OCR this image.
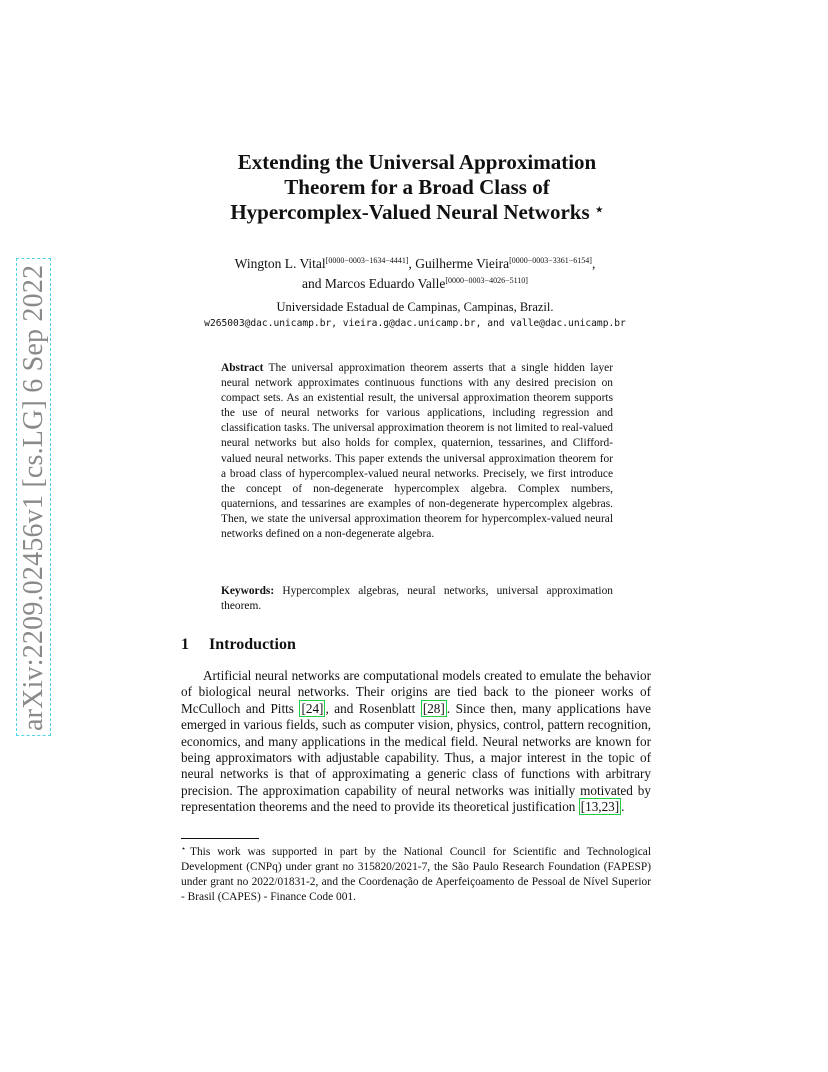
arXiv:2209.02456v1 [cs.LG] 6 Sep 2022
Extending the Universal Approximation
Theorem for a Broad Class of
Hypercomplex-Valued Neural Networks ⋆
Wington L. Vital[0000−0003−1634−4441], Guilherme Vieira[0000−0003−3361−6154],
and Marcos Eduardo Valle[0000−0003−4026−5110]
Universidade Estadual de Campinas, Campinas, Brazil.
w265003@dac.unicamp.br, vieira.g@dac.unicamp.br, and valle@dac.unicamp.br
Abstract The universal approximation theorem asserts that a single hidden layer neural network approximates continuous functions with any desired precision on compact sets. As an existential result, the universal approximation theorem supports the use of neural networks for various applications, including regression and classification tasks. The universal approximation theorem is not limited to real-valued neural networks but also holds for complex, quaternion, tessarines, and Clifford-valued neural networks. This paper extends the universal approximation theorem for a broad class of hypercomplex-valued neural networks. Precisely, we first introduce the concept of non-degenerate hypercomplex algebra. Complex numbers, quaternions, and tessarines are examples of non-degenerate hypercomplex algebras. Then, we state the universal approximation theorem for hypercomplex-valued neural networks defined on a non-degenerate algebra.
Keywords: Hypercomplex algebras, neural networks, universal approximation theorem.
1 Introduction
Artificial neural networks are computational models created to emulate the behavior of biological neural networks. Their origins are tied back to the pioneer works of McCulloch and Pitts [24] , and Rosenblatt [28] . Since then, many applications have emerged in various fields, such as computer vision, physics, control, pattern recognition, economics, and many applications in the medical field. Neural networks are known for being approximators with adjustable capability. Thus, a major interest in the topic of neural networks is that of approximating a generic class of functions with arbitrary precision. The approximation capability of neural networks was initially motivated by representation theorems and the need to provide its theoretical justification [13,23] .
⋆ This work was supported in part by the National Council for Scientific and Technological Development (CNPq) under grant no 315820/2021-7, the São Paulo Research Foundation (FAPESP) under grant no 2022/01831-2, and the Coordenação de Aperfeiçoamento de Pessoal de Nível Superior - Brasil (CAPES) - Finance Code 001.
